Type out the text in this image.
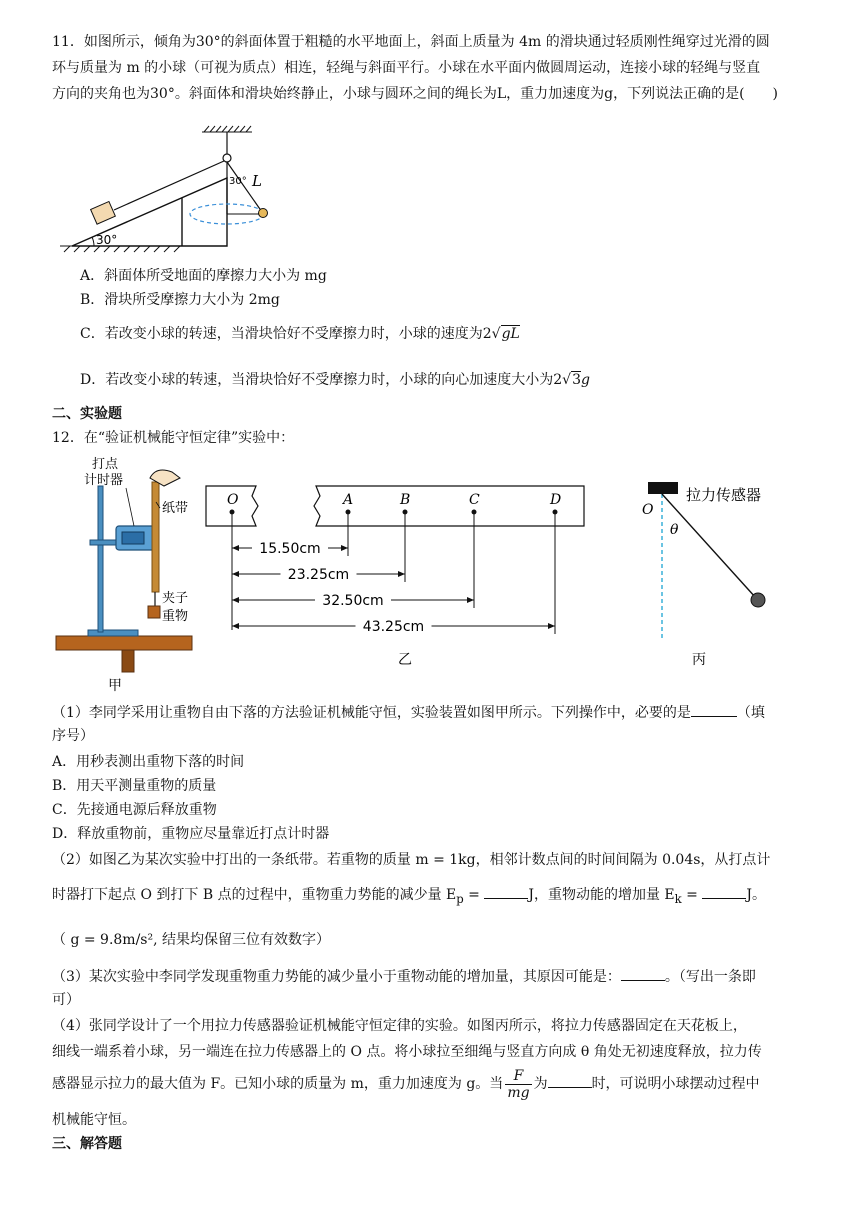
11．如图所示，倾角为30°的斜面体置于粗糙的水平地面上，斜面上质量为 4m 的滑块通过轻质刚性绳穿过光滑的圆
环与质量为 m 的小球（可视为质点）相连，轻绳与斜面平行。小球在水平面内做圆周运动，连接小球的轻绳与竖直
方向的夹角也为30°。斜面体和滑块始终静止，小球与圆环之间的绳长为L，重力加速度为g，下列说法正确的是(　　)
30°
30° L
A．斜面体所受地面的摩擦力大小为 mg
B．滑块所受摩擦力大小为 2mg
C．若改变小球的转速，当滑块恰好不受摩擦力时，小球的速度为2√gL
D．若改变小球的转速，当滑块恰好不受摩擦力时，小球的向心加速度大小为2√3g
二、实验题
12．在“验证机械能守恒定律”实验中：
打点
计时器
纸带
夹子
重物
甲
O	A	B	C	D
15.50cm
23.25cm
32.50cm
43.25cm
乙
拉力传感器
O
θ
丙
（1）李同学采用让重物自由下落的方法验证机械能守恒，实验装置如图甲所示。下列操作中，必要的是	（填
序号）
A．用秒表测出重物下落的时间
B．用天平测量重物的质量
C．先接通电源后释放重物
D．释放重物前，重物应尽量靠近打点计时器
（2）如图乙为某次实验中打出的一条纸带。若重物的质量 m = 1kg，相邻计数点间的时间间隔为 0.04s，从打点计
时器打下起点 O 到打下 B 点的过程中，重物重力势能的减少量 $E_p$ =	J，重物动能的增加量 $E_k$ =	J。
（ g = 9.8m/s², 结果均保留三位有效数字）
（3）某次实验中李同学发现重物重力势能的减少量小于重物动能的增加量，其原因可能是：	。（写出一条即
可）
（4）张同学设计了一个用拉力传感器验证机械能守恒定律的实验。如图丙所示，将拉力传感器固定在天花板上，
细线一端系着小球，另一端连在拉力传感器上的 O 点。将小球拉至细绳与竖直方向成 θ 角处无初速度释放，拉力传
感器显示拉力的最大值为 F。已知小球的质量为 m，重力加速度为 g。当 $\frac{F}{mg}$ 为	时，可说明小球摆动过程中
机械能守恒。
三、解答题
